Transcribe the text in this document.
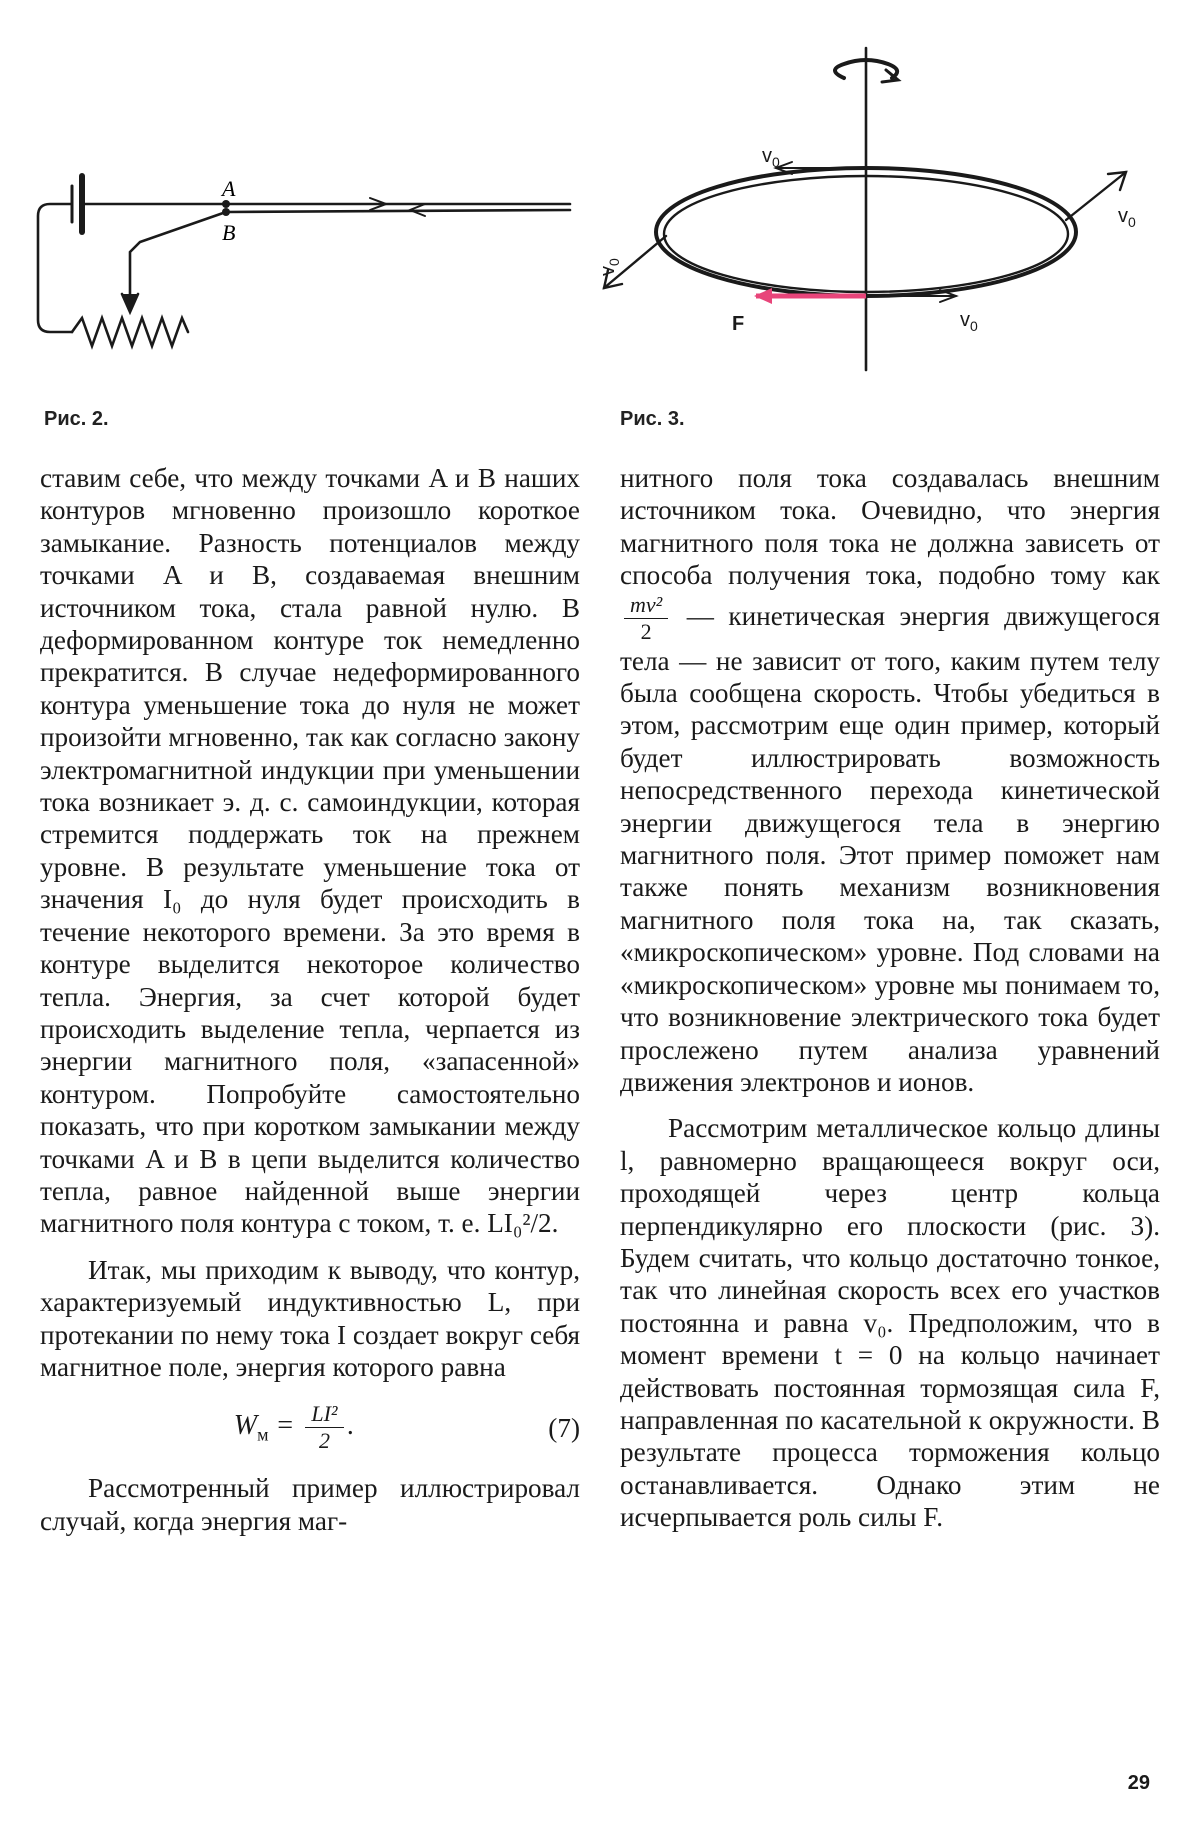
A
B
Рис. 2.
$v_0$
$v_0$
$v_0$
$v_0$
F
Рис. 3.

ставим себе, что между точками A и B наших контуров мгновенно произошло короткое замыкание. Разность потенциалов между точками A и B, создаваемая внешним источником тока, стала равной нулю. В деформированном контуре ток немедленно прекратится. В случае недеформированного контура уменьшение тока до нуля не может произойти мгновенно, так как согласно закону электромагнитной индукции при уменьшении тока возникает э. д. с. самоиндукции, которая стремится поддержать ток на прежнем уровне. В результате уменьшение тока от значения I₀ до нуля будет происходить в течение некоторого времени. За это время в контуре выделится некоторое количество тепла. Энергия, за счет которой будет происходить выделение тепла, черпается из энергии магнитного поля, «запасенной» контуром. Попробуйте самостоятельно показать, что при коротком замыкании между точками A и B в цепи выделится количество тепла, равное найденной выше энергии магнитного поля контура с током, т. е. LI₀²/2.

Итак, мы приходим к выводу, что контур, характеризуемый индуктивностью L, при протекании по нему тока I создает вокруг себя магнитное поле, энергия которого равна

$W_м = \frac{\text{LI²}}{2}$ .	(7)

Рассмотренный пример иллюстрировал случай, когда энергия маг-

нитного поля тока создавалась внешним источником тока. Очевидно, что энергия магнитного поля тока не должна зависеть от способа получения тока, подобно тому как
$\frac{\text{mv²}}{2}$ — кинетическая энергия движущегося тела — не зависит от того, каким путем телу была сообщена скорость. Чтобы убедиться в этом, рассмотрим еще один пример, который будет иллюстрировать возможность непосредственного перехода кинетической энергии движущегося тела в энергию магнитного поля. Этот пример поможет нам также понять механизм возникновения магнитного поля тока на, так сказать, «микроскопическом» уровне. Под словами на «микроскопическом» уровне мы понимаем то, что возникновение электрического тока будет прослежено путем анализа уравнений движения электронов и ионов.

Рассмотрим металлическое кольцо длины l, равномерно вращающееся вокруг оси, проходящей через центр кольца перпендикулярно его плоскости (рис. 3). Будем считать, что кольцо достаточно тонкое, так что линейная скорость всех его участков постоянна и равна v₀. Предположим, что в момент времени t = 0 на кольцо начинает действовать постоянная тормозящая сила F, направленная по касательной к окружности. В результате процесса торможения кольцо останавливается. Однако этим не исчерпывается роль силы F.

29
